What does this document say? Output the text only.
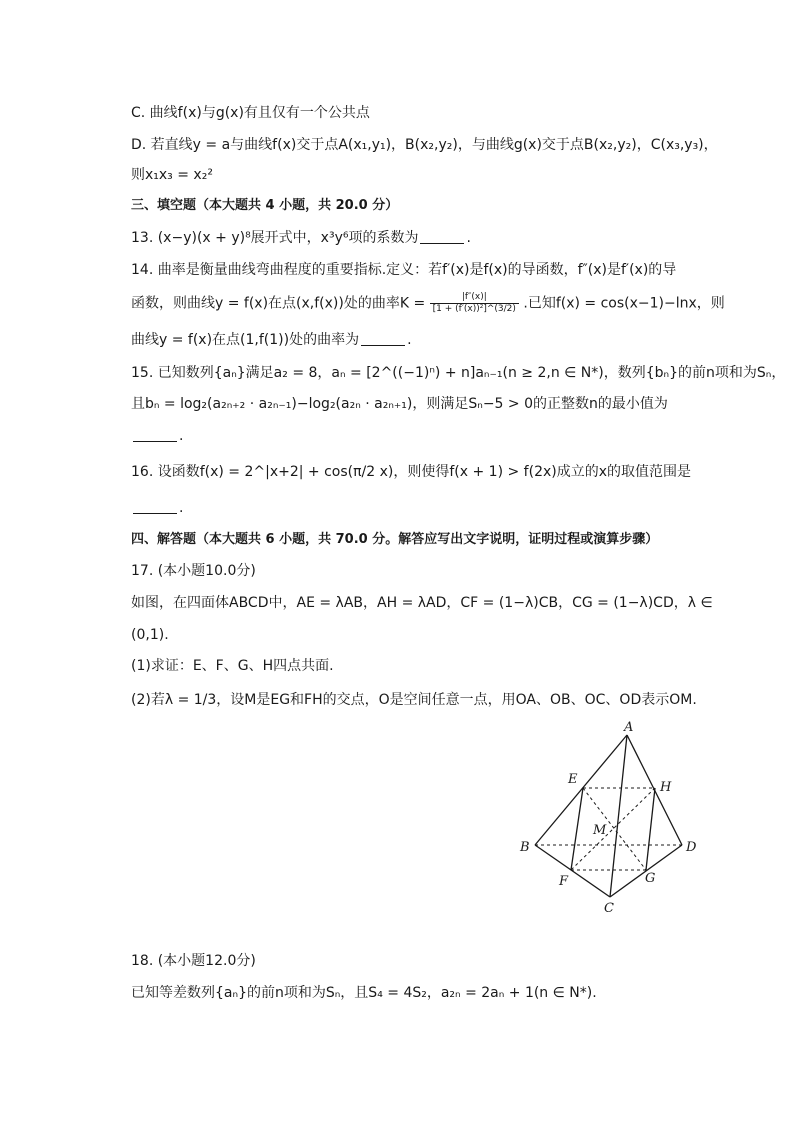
C. 曲线f(x)与g(x)有且仅有一个公共点
D. 若直线y = a与曲线f(x)交于点A(x₁,y₁)，B(x₂,y₂)，与曲线g(x)交于点B(x₂,y₂)，C(x₃,y₃)，
则x₁x₃ = x₂²
三、填空题（本大题共 4 小题，共 20.0 分）
13. (x−y)(x + y)⁸展开式中，x³y⁶项的系数为	.
14. 曲率是衡量曲线弯曲程度的重要指标.定义：若f′(x)是f(x)的导函数，f″(x)是f′(x)的导
函数，则曲线y = f(x)在点(x,f(x))处的曲率$K = \frac{|f''(x)|}{\text{[1 + (f′(x))²]\textasciicircum{}(3/2)}}$ .已知f(x) = cos(x−1)−lnx，则
曲线y = f(x)在点(1,f(1))处的曲率为	.
15. 已知数列{aₙ}满足a₂ = 8，aₙ = [2^((−1)ⁿ) + n]aₙ₋₁(n ≥ 2,n ∈ N*)，数列{bₙ}的前n项和为Sₙ，
且bₙ = log₂(a₂ₙ₊₂ · a₂ₙ₋₁)−log₂(a₂ₙ · a₂ₙ₊₁)，则满足Sₙ−5 > 0的正整数n的最小值为
.
16. 设函数f(x) = 2^|x+2| + cos(π/2 x)，则使得f(x + 1) > f(2x)成立的x的取值范围是
.
四、解答题（本大题共 6 小题，共 70.0 分。解答应写出文字说明，证明过程或演算步骤）
17. (本小题10.0分)
如图，在四面体ABCD中，AE = λAB，AH = λAD，CF = (1−λ)CB，CG = (1−λ)CD，λ ∈
(0,1).
(1)求证：E、F、G、H四点共面.
(2)若λ = 1/3，设M是EG和FH的交点，O是空间任意一点，用OA、OB、OC、OD表示OM.
A
B
C
D
E
F	G
H
M
18. (本小题12.0分)
已知等差数列{aₙ}的前n项和为Sₙ，且S₄ = 4S₂，a₂ₙ = 2aₙ + 1(n ∈ N*).
